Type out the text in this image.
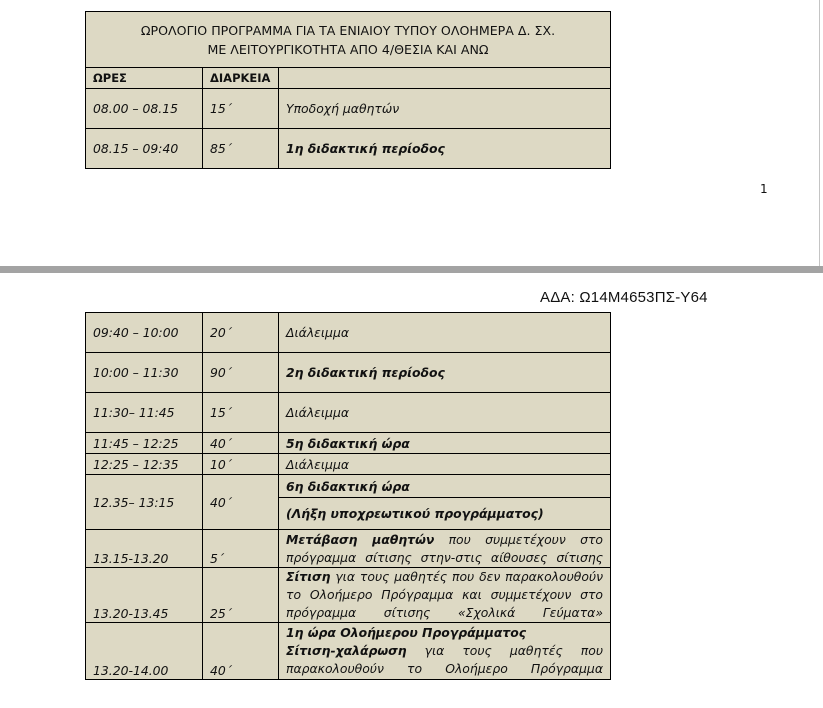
ΩΡΟΛΟΓΙΟ ΠΡΟΓΡΑΜΜΑ ΓΙΑ ΤΑ ΕΝΙΑΙΟΥ ΤΥΠΟΥ ΟΛΟΗΜΕΡΑ Δ. ΣΧ.
ΜΕ ΛΕΙΤΟΥΡΓΙΚΟΤΗΤΑ ΑΠΟ 4/ΘΕΣΙΑ ΚΑΙ ΑΝΩ		

ΩΡΕΣ	ΔΙΑΡΚΕΙΑ	
08.00 – 08.15	15΄	Υποδοχή μαθητών
08.15 – 09:40	85΄	1η διδακτική περίοδος
1
ΑΔΑ: Ω14Μ4653ΠΣ-Υ64
09:40 – 10:00	20΄	Διάλειμμα
10:00 – 11:30	90΄	2η διδακτική περίοδος
11:30– 11:45	15΄	Διάλειμμα
11:45 – 12:25	40΄	5η διδακτική ώρα
12:25 – 12:35	10΄	Διάλειμμα
12.35– 13:15	40΄	6η διδακτική ώρα
		(Λήξη υποχρεωτικού προγράμματος)
13.15-13.20	5΄	Μετάβαση μαθητών που συμμετέχουν στο πρόγραμμα σίτισης στην-στις αίθουσες σίτισης
13.20-13.45	25΄	Σίτιση για τους μαθητές που δεν παρακολουθούν το Ολοήμερο Πρόγραμμα και συμμετέχουν στο πρόγραμμα σίτισης «Σχολικά Γεύματα»
13.20-14.00	40΄	1η ώρα Ολοήμερου Προγράμματος
Σίτιση-χαλάρωση για τους μαθητές που παρακολουθούν το Ολοήμερο Πρόγραμμα
